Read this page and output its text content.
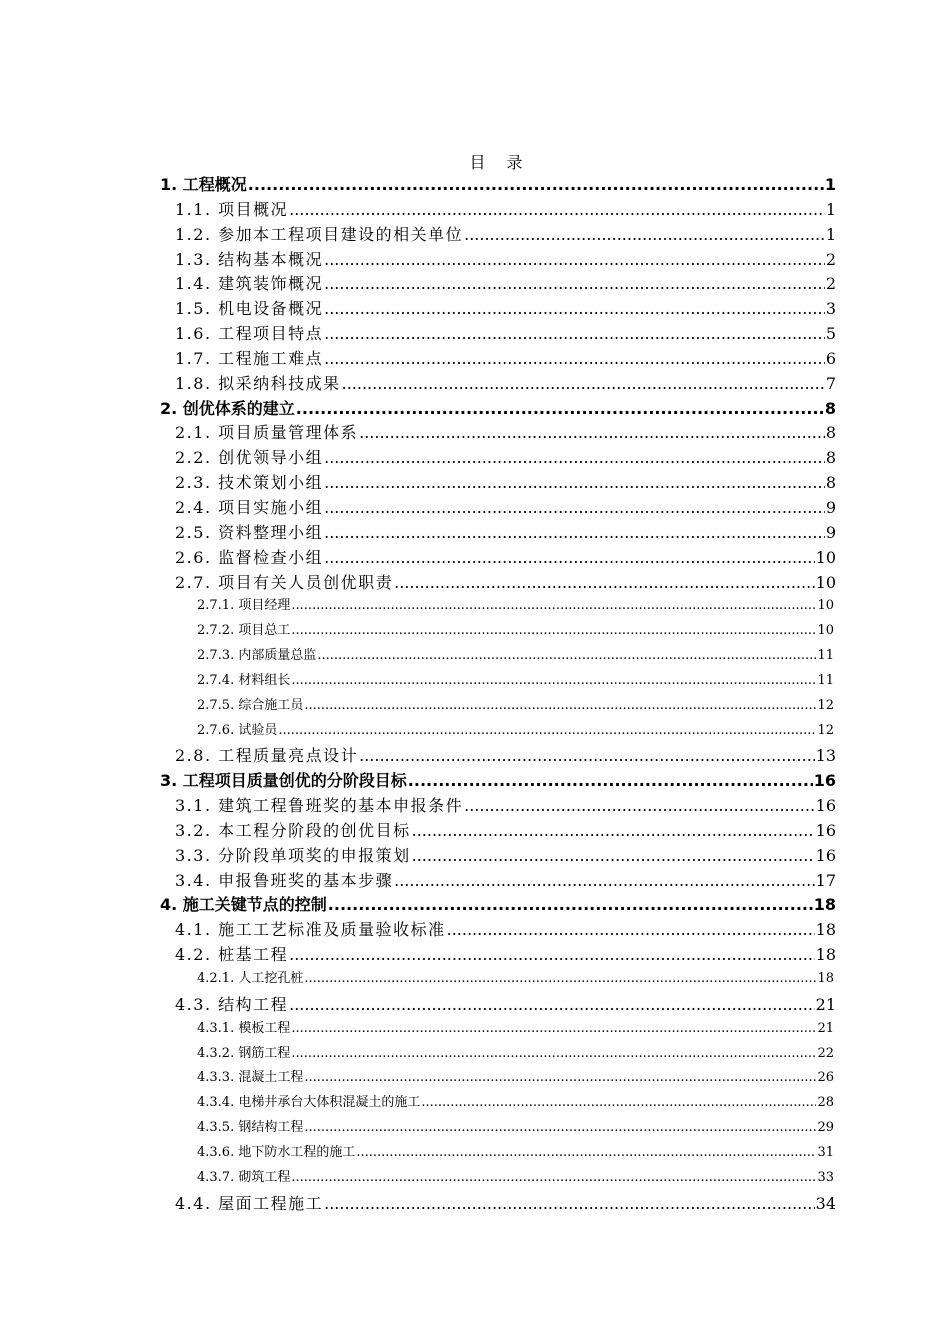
目 录
1. 工程概况 .....	1
1.1. 项目概况 .....	1
1.2. 参加本工程项目建设的相关单位 .....	1
1.3. 结构基本概况 .....	2
1.4. 建筑装饰概况 .....	2
1.5. 机电设备概况 .....	3
1.6. 工程项目特点 .....	5
1.7. 工程施工难点 .....	6
1.8. 拟采纳科技成果 .....	7
2. 创优体系的建立 .....	8
2.1. 项目质量管理体系 .....	8
2.2. 创优领导小组 .....	8
2.3. 技术策划小组 .....	8
2.4. 项目实施小组 .....	9
2.5. 资料整理小组 .....	9
2.6. 监督检查小组 .....	10
2.7. 项目有关人员创优职责 .....	10
2.7.1. 项目经理 .....	10
2.7.2. 项目总工 .....	10
2.7.3. 内部质量总监 .....	11
2.7.4. 材料组长 .....	11
2.7.5. 综合施工员 .....	12
2.7.6. 试验员 .....	12
2.8. 工程质量亮点设计 .....	13
3. 工程项目质量创优的分阶段目标 .....	16
3.1. 建筑工程鲁班奖的基本申报条件 .....	16
3.2. 本工程分阶段的创优目标 .....	16
3.3. 分阶段单项奖的申报策划 .....	16
3.4. 申报鲁班奖的基本步骤 .....	17
4. 施工关键节点的控制 .....	18
4.1. 施工工艺标准及质量验收标准 .....	18
4.2. 桩基工程 .....	18
4.2.1. 人工挖孔桩 .....	18
4.3. 结构工程 .....	21
4.3.1. 模板工程 .....	21
4.3.2. 钢筋工程 .....	22
4.3.3. 混凝土工程 .....	26
4.3.4. 电梯井承台大体积混凝土的施工 .....	28
4.3.5. 钢结构工程 .....	29
4.3.6. 地下防水工程的施工 .....	31
4.3.7. 砌筑工程 .....	33
4.4. 屋面工程施工 .....	34
